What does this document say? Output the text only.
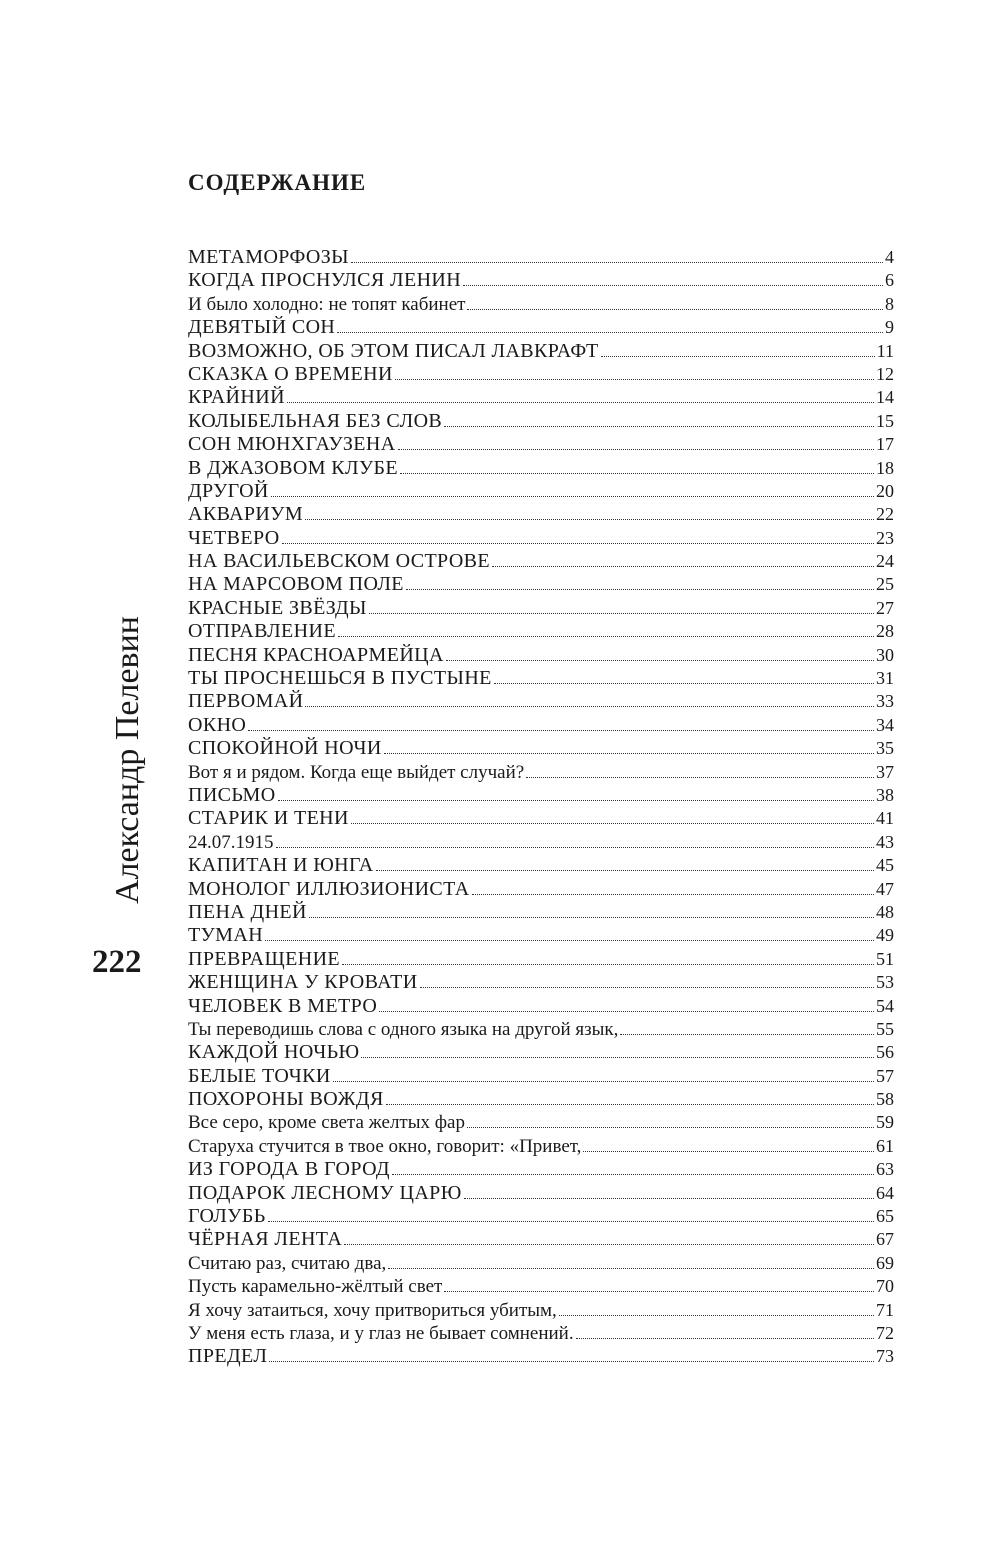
СОДЕРЖАНИЕ
Александр Пелевин
222
МЕТАМОРФОЗЫ	4
КОГДА ПРОСНУЛСЯ ЛЕНИН	6
И было холодно: не топят кабинет	8
ДЕВЯТЫЙ СОН	9
ВОЗМОЖНО, ОБ ЭТОМ ПИСАЛ ЛАВКРАФТ	11
СКАЗКА О ВРЕМЕНИ	12
КРАЙНИЙ	14
КОЛЫБЕЛЬНАЯ БЕЗ СЛОВ	15
СОН МЮНХГАУЗЕНА	17
В ДЖАЗОВОМ КЛУБЕ	18
ДРУГОЙ	20
АКВАРИУМ	22
ЧЕТВЕРО	23
НА ВАСИЛЬЕВСКОМ ОСТРОВЕ	24
НА МАРСОВОМ ПОЛЕ	25
КРАСНЫЕ ЗВЁЗДЫ	27
ОТПРАВЛЕНИЕ	28
ПЕСНЯ КРАСНОАРМЕЙЦА	30
ТЫ ПРОСНЕШЬСЯ В ПУСТЫНЕ	31
ПЕРВОМАЙ	33
ОКНО	34
СПОКОЙНОЙ НОЧИ	35
Вот я и рядом. Когда еще выйдет случай?	37
ПИСЬМО	38
СТАРИК И ТЕНИ	41
24.07.1915	43
КАПИТАН И ЮНГА	45
МОНОЛОГ ИЛЛЮЗИОНИСТА	47
ПЕНА ДНЕЙ	48
ТУМАН	49
ПРЕВРАЩЕНИЕ	51
ЖЕНЩИНА У КРОВАТИ	53
ЧЕЛОВЕК В МЕТРО	54
Ты переводишь слова с одного языка на другой язык,	55
КАЖДОЙ НОЧЬЮ	56
БЕЛЫЕ ТОЧКИ	57
ПОХОРОНЫ ВОЖДЯ	58
Все серо, кроме света желтых фар	59
Старуха стучится в твое окно, говорит: «Привет,	61
ИЗ ГОРОДА В ГОРОД	63
ПОДАРОК ЛЕСНОМУ ЦАРЮ	64
ГОЛУБЬ	65
ЧЁРНАЯ ЛЕНТА	67
Считаю раз, считаю два,	69
Пусть карамельно-жёлтый свет	70
Я хочу затаиться, хочу притвориться убитым,	71
У меня есть глаза, и у глаз не бывает сомнений.	72
ПРЕДЕЛ	73
